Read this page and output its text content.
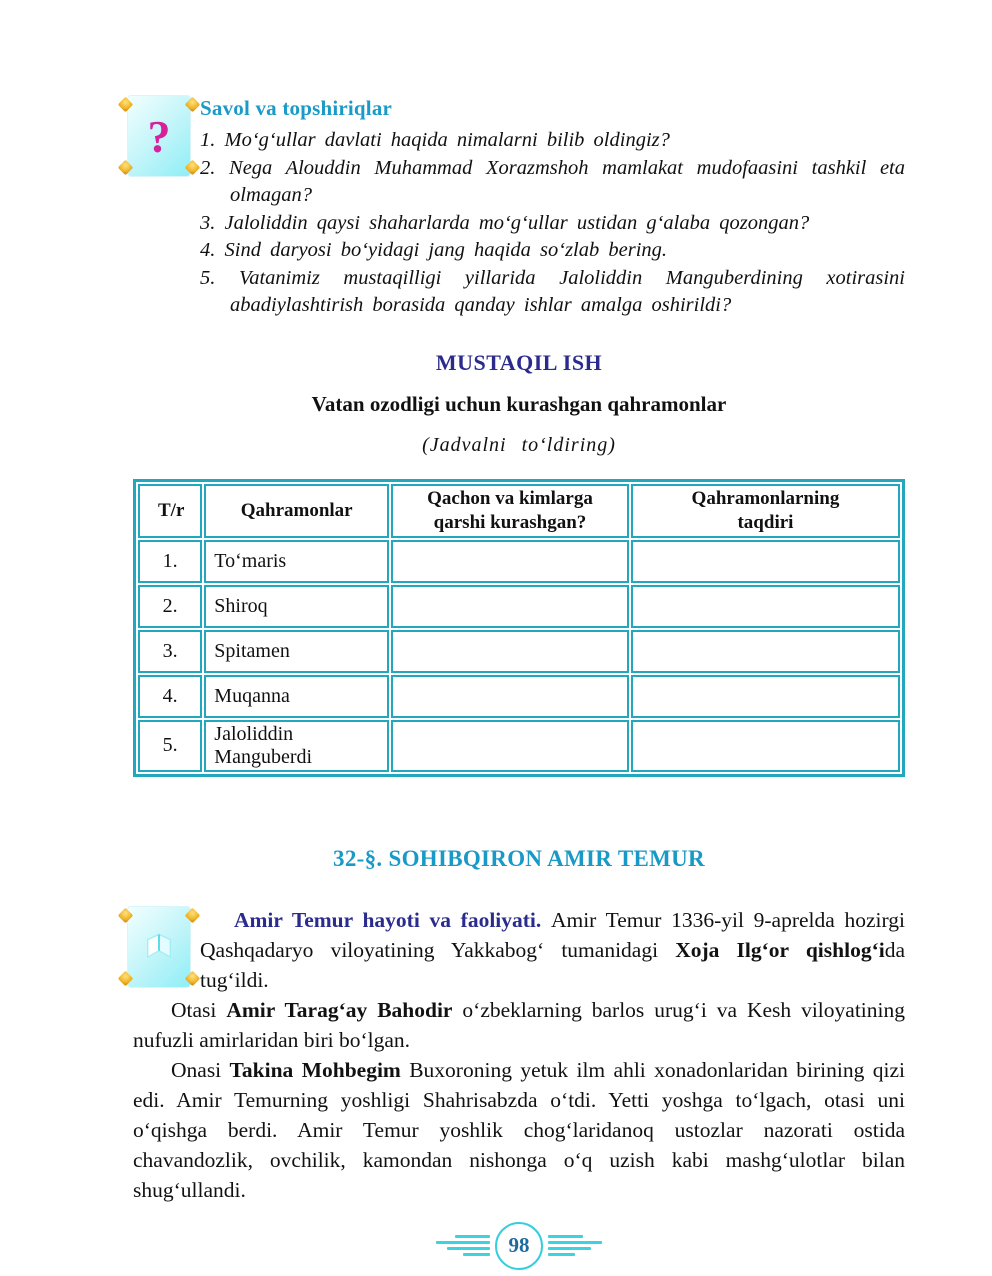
?
Savol va topshiriqlar
1. Mo‘g‘ullar davlati haqida nimalarni bilib oldingiz?
2. Nega Alouddin Muhammad Xorazmshoh mamlakat mudofaasini tashkil eta olmagan?
3. Jaloliddin qaysi shaharlarda mo‘g‘ullar ustidan g‘alaba qozongan?
4. Sind daryosi bo‘yidagi jang haqida so‘zlab bering.
5. Vatanimiz mustaqilligi yillarida Jaloliddin Manguberdining xotirasini abadiylashtirish borasida qanday ishlar amalga oshirildi?
MUSTAQIL ISH
Vatan ozodligi uchun kurashgan qahramonlar
(Jadvalni to‘ldiring)
T/r	Qahramonlar	Qachon va kimlarga qarshi kurashgan?	Qahramonlarning taqdiri
1.	To‘maris		
2.	Shiroq		
3.	Spitamen		
4.	Muqanna		
5.	Jaloliddin Manguberdi		
32-§. SOHIBQIRON AMIR TEMUR

Amir Temur hayoti va faoliyati. Amir Temur 1336-yil 9-aprelda hozirgi Qashqadaryo viloyatining Yakkabog‘ tumanidagi Xoja Ilg‘or qishlog‘ida tug‘ildi.

Otasi Amir Tarag‘ay Bahodir o‘zbeklarning barlos urug‘i va Kesh viloyatining nufuzli amirlaridan biri bo‘lgan.

Onasi Takina Mohbegim Buxoroning yetuk ilm ahli xonadonlaridan birining qizi edi. Amir Temurning yoshligi Shahrisabzda o‘tdi. Yetti yoshga to‘lgach, otasi uni o‘qishga berdi. Amir Temur yoshlik chog‘laridanoq ustozlar nazorati ostida chavandozlik, ovchilik, kamondan nishonga o‘q uzish kabi mashg‘ulotlar bilan shug‘ullandi.

98
